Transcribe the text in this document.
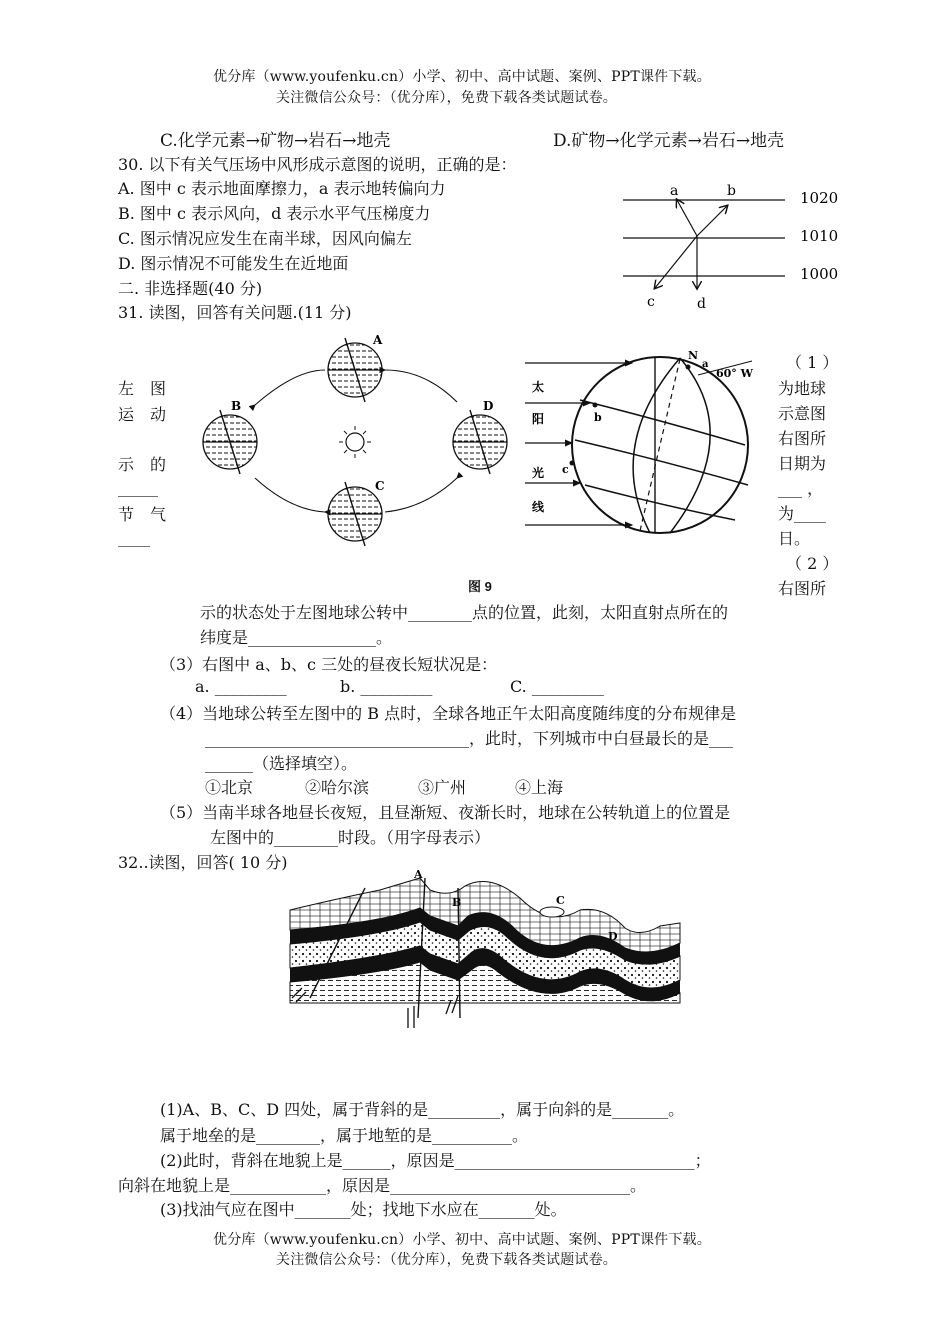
优分库（www.youfenku.cn）小学、初中、高中试题、案例、PPT课件下载。
关注微信公众号：（优分库），免费下载各类试题试卷。
C.化学元素→矿物→岩石→地壳	D.矿物→化学元素→岩石→地壳
30. 以下有关气压场中风形成示意图的说明，正确的是：
A. 图中 c 表示地面摩擦力，a 表示地转偏向力
B. 图中 c 表示风向，d 表示水平气压梯度力
C. 图示情况应发生在南半球，因风向偏左
D. 图示情况不可能发生在近地面
1020
1010
1000
a	b
c	d
二. 非选择题(40 分)
31. 读图，回答有关问题.(11 分)
左　图
运　动
示　的
_____
节　气
____
（ 1 ）
为地球
示意图
右图所
日期为
___ ，
为____
日。
（ 2 ）
右图所
A
B
C
D
太
阳
光
线
N
a
b
c
60° W
图 9
示的状态处于左图地球公转中________点的位置，此刻，太阳直射点所在的
纬度是________________。
（3）右图中 a、b、c 三处的昼夜长短状况是：
a. _________	b. _________	C. _________
（4）当地球公转至左图中的 B 点时，全球各地正午太阳高度随纬度的分布规律是
_________________________________，此时，下列城市中白昼最长的是___
______（选择填空）。
①北京	②哈尔滨	③广州	④上海
（5）当南半球各地昼长夜短，且昼渐短、夜渐长时，地球在公转轨道上的位置是
左图中的________时段。（用字母表示）
32..读图，回答( 10 分)
A
B	C
D
(1)A、B、C、D 四处，属于背斜的是_________，属于向斜的是_______。
属于地垒的是________，属于地堑的是__________。
(2)此时，背斜在地貌上是______，原因是______________________________；
向斜在地貌上是____________，原因是______________________________。
(3)找油气应在图中_______处；找地下水应在_______处。
优分库（www.youfenku.cn）小学、初中、高中试题、案例、PPT课件下载。
关注微信公众号：（优分库），免费下载各类试题试卷。
